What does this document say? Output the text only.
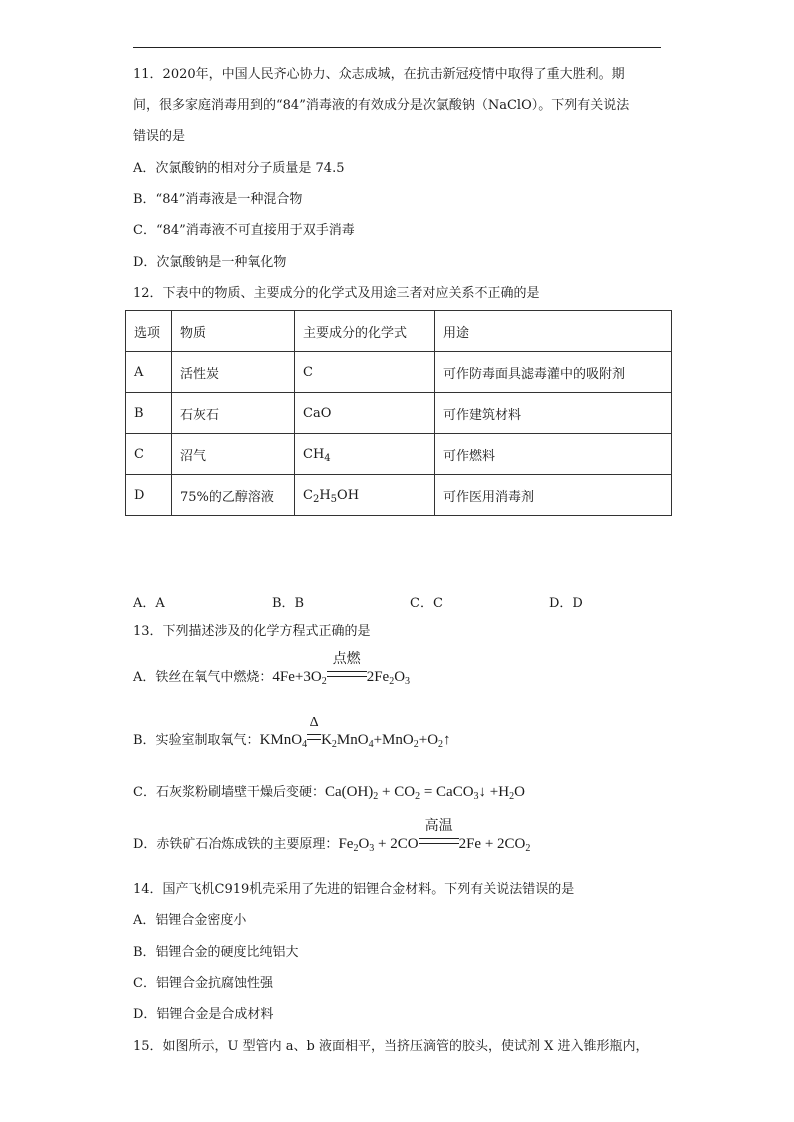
11．2020年，中国人民齐心协力、众志成城，在抗击新冠疫情中取得了重大胜利。期
间，很多家庭消毒用到的“84”消毒液的有效成分是次氯酸钠（NaClO）。下列有关说法
错误的是
A．次氯酸钠的相对分子质量是 74.5
B．“84”消毒液是一种混合物
C．“84”消毒液不可直接用于双手消毒
D．次氯酸钠是一种氧化物
12．下表中的物质、主要成分的化学式及用途三者对应关系不正确的是
选项	物质	主要成分的化学式	用途
A	活性炭	C	可作防毒面具滤毒灌中的吸附剂
B	石灰石	CaO	可作建筑材料
C	沼气	$CH_4$	可作燃料
D	75%的乙醇溶液	$C_2H_5OH$	可作医用消毒剂
A．A	B．B	C．C	D．D
13．下列描述涉及的化学方程式正确的是
A．铁丝在氧气中燃烧：$4Fe+3O_2$
点燃
$2Fe_2O_3$
B．实验室制取氧气：KMnO$_4$
Δ
$K_2MnO_4+MnO_2+O_2↑$
C．石灰浆粉刷墙壁干燥后变硬：$Ca(OH)_2 + CO_2$ = CaCO$_3$↓ $+H_2O$
D．赤铁矿石冶炼成铁的主要原理：$Fe_2O_3 + 2CO$
高温
$2Fe + 2CO_2$
14．国产飞机C919机壳采用了先进的铝锂合金材料。下列有关说法错误的是
A．铝锂合金密度小
B．铝锂合金的硬度比纯铝大
C．铝锂合金抗腐蚀性强
D．铝锂合金是合成材料
15．如图所示，U 型管内 a、b 液面相平，当挤压滴管的胶头，使试剂 X 进入锥形瓶内，
